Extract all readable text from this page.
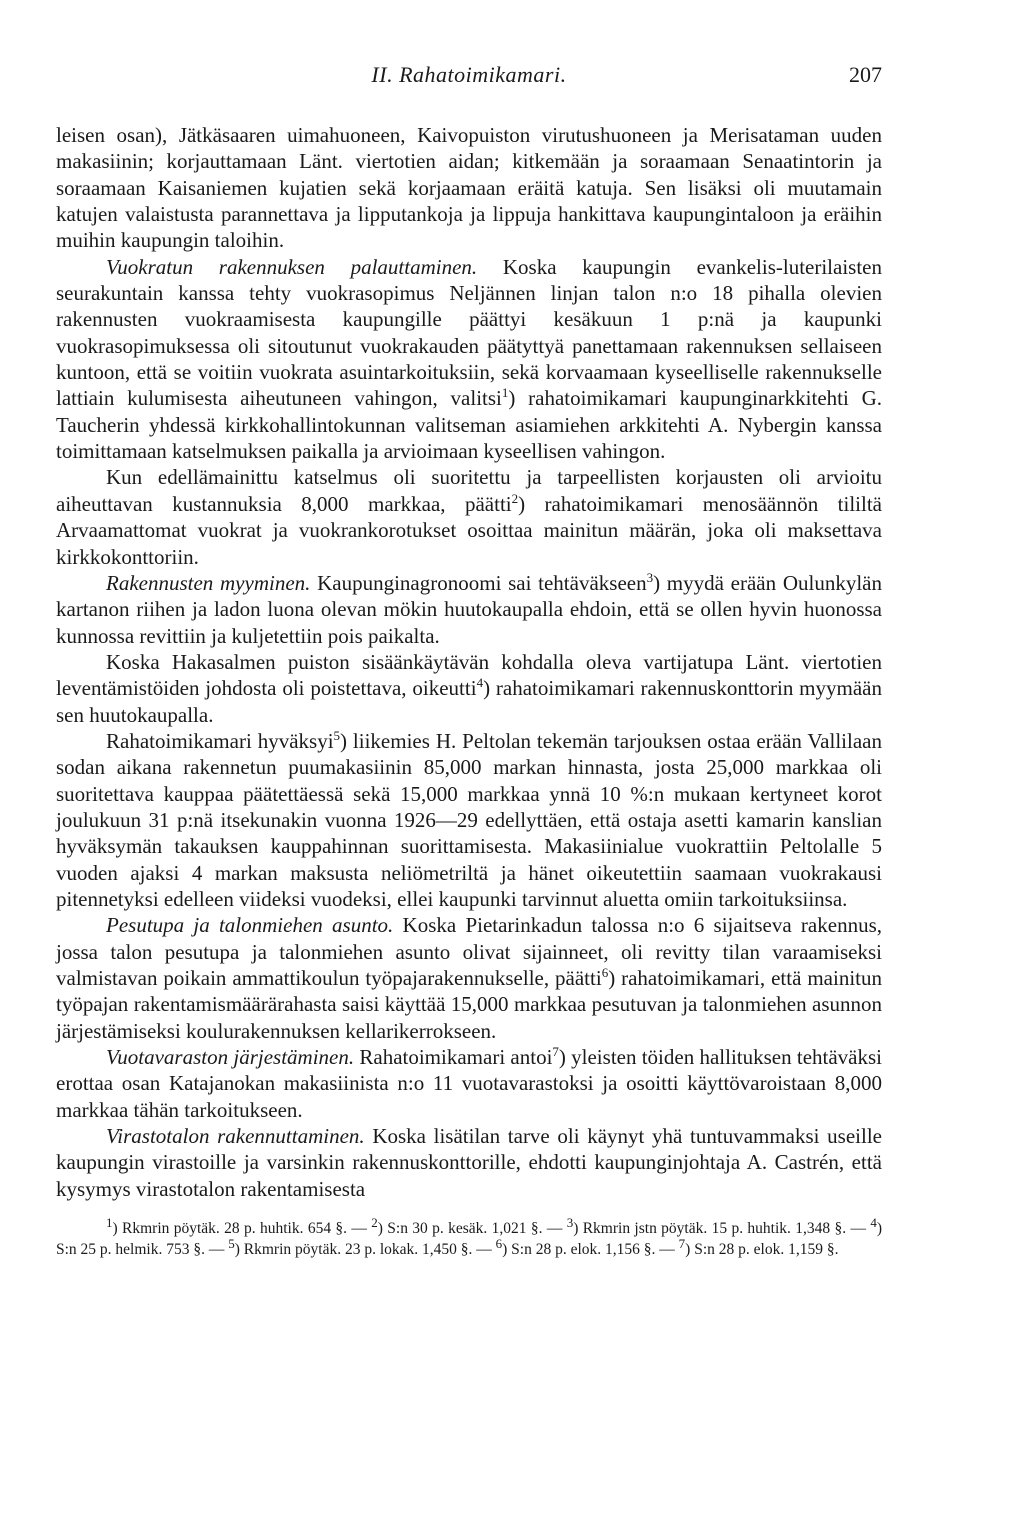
II. Rahatoimikamari.	207

leisen osan), Jätkäsaaren uimahuoneen, Kaivopuiston virutushuoneen ja Merisataman uuden makasiinin; korjauttamaan Länt. viertotien aidan; kitkemään ja soraamaan Senaatintorin ja soraamaan Kaisaniemen kujatien sekä korjaamaan eräitä katuja. Sen lisäksi oli muutamain katujen valaistusta parannettava ja lipputankoja ja lippuja hankittava kaupungintaloon ja eräihin muihin kaupungin taloihin.

Vuokratun rakennuksen palauttaminen. Koska kaupungin evankelis-luterilaisten seurakuntain kanssa tehty vuokrasopimus Neljännen linjan talon n:o 18 pihalla olevien rakennusten vuokraamisesta kaupungille päättyi kesäkuun 1 p:nä ja kaupunki vuokrasopimuksessa oli sitoutunut vuokrakauden päätyttyä panettamaan rakennuksen sellaiseen kuntoon, että se voitiin vuokrata asuintarkoituksiin, sekä korvaamaan kyseelliselle rakennukselle lattiain kulumisesta aiheutuneen vahingon, valitsi$^1$) rahatoimikamari kaupunginarkkitehti G. Taucherin yhdessä kirkkohallintokunnan valitseman asiamiehen arkkitehti A. Nybergin kanssa toimittamaan katselmuksen paikalla ja arvioimaan kyseellisen vahingon.

Kun edellämainittu katselmus oli suoritettu ja tarpeellisten korjausten oli arvioitu aiheuttavan kustannuksia 8,000 markkaa, päätti$^2$) rahatoimikamari menosäännön tililtä Arvaamattomat vuokrat ja vuokrankorotukset osoittaa mainitun määrän, joka oli maksettava kirkkokonttoriin.

Rakennusten myyminen. Kaupunginagronoomi sai tehtäväkseen$^3$) myydä erään Oulunkylän kartanon riihen ja ladon luona olevan mökin huutokaupalla ehdoin, että se ollen hyvin huonossa kunnossa revittiin ja kuljetettiin pois paikalta.

Koska Hakasalmen puiston sisäänkäytävän kohdalla oleva vartijatupa Länt. viertotien leventämistöiden johdosta oli poistettava, oikeutti$^4$) rahatoimikamari rakennuskonttorin myymään sen huutokaupalla.

Rahatoimikamari hyväksyi$^5$) liikemies H. Peltolan tekemän tarjouksen ostaa erään Vallilaan sodan aikana rakennetun puumakasiinin 85,000 markan hinnasta, josta 25,000 markkaa oli suoritettava kauppaa päätettäessä sekä 15,000 markkaa ynnä 10 %:n mukaan kertyneet korot joulukuun 31 p:nä itsekunakin vuonna 1926—29 edellyttäen, että ostaja asetti kamarin kanslian hyväksymän takauksen kauppahinnan suorittamisesta. Makasiinialue vuokrattiin Peltolalle 5 vuoden ajaksi 4 markan maksusta neliömetriltä ja hänet oikeutettiin saamaan vuokrakausi pitennetyksi edelleen viideksi vuodeksi, ellei kaupunki tarvinnut aluetta omiin tarkoituksiinsa.

Pesutupa ja talonmiehen asunto. Koska Pietarinkadun talossa n:o 6 sijaitseva rakennus, jossa talon pesutupa ja talonmiehen asunto olivat sijainneet, oli revitty tilan varaamiseksi valmistavan poikain ammattikoulun työpajarakennukselle, päätti$^6$) rahatoimikamari, että mainitun työpajan rakentamismäärärahasta saisi käyttää 15,000 markkaa pesutuvan ja talonmiehen asunnon järjestämiseksi koulurakennuksen kellarikerrokseen.

Vuotavaraston järjestäminen. Rahatoimikamari antoi$^7$) yleisten töiden hallituksen tehtäväksi erottaa osan Katajanokan makasiinista n:o 11 vuotavarastoksi ja osoitti käyttövaroistaan 8,000 markkaa tähän tarkoitukseen.

Virastotalon rakennuttaminen. Koska lisätilan tarve oli käynyt yhä tuntuvammaksi useille kaupungin virastoille ja varsinkin rakennuskonttorille, ehdotti kaupunginjohtaja A. Castrén, että kysymys virastotalon rakentamisesta

$^1$) Rkmrin pöytäk. 28 p. huhtik. 654 §. — $^2$) S:n 30 p. kesäk. 1,021 §. — $^3$) Rkmrin jstn pöytäk. 15 p. huhtik. 1,348 §. — $^4$) S:n 25 p. helmik. 753 §. — $^5$) Rkmrin pöytäk. 23 p. lokak. 1,450 §. — $^6$) S:n 28 p. elok. 1,156 §. — $^7$) S:n 28 p. elok. 1,159 §.
